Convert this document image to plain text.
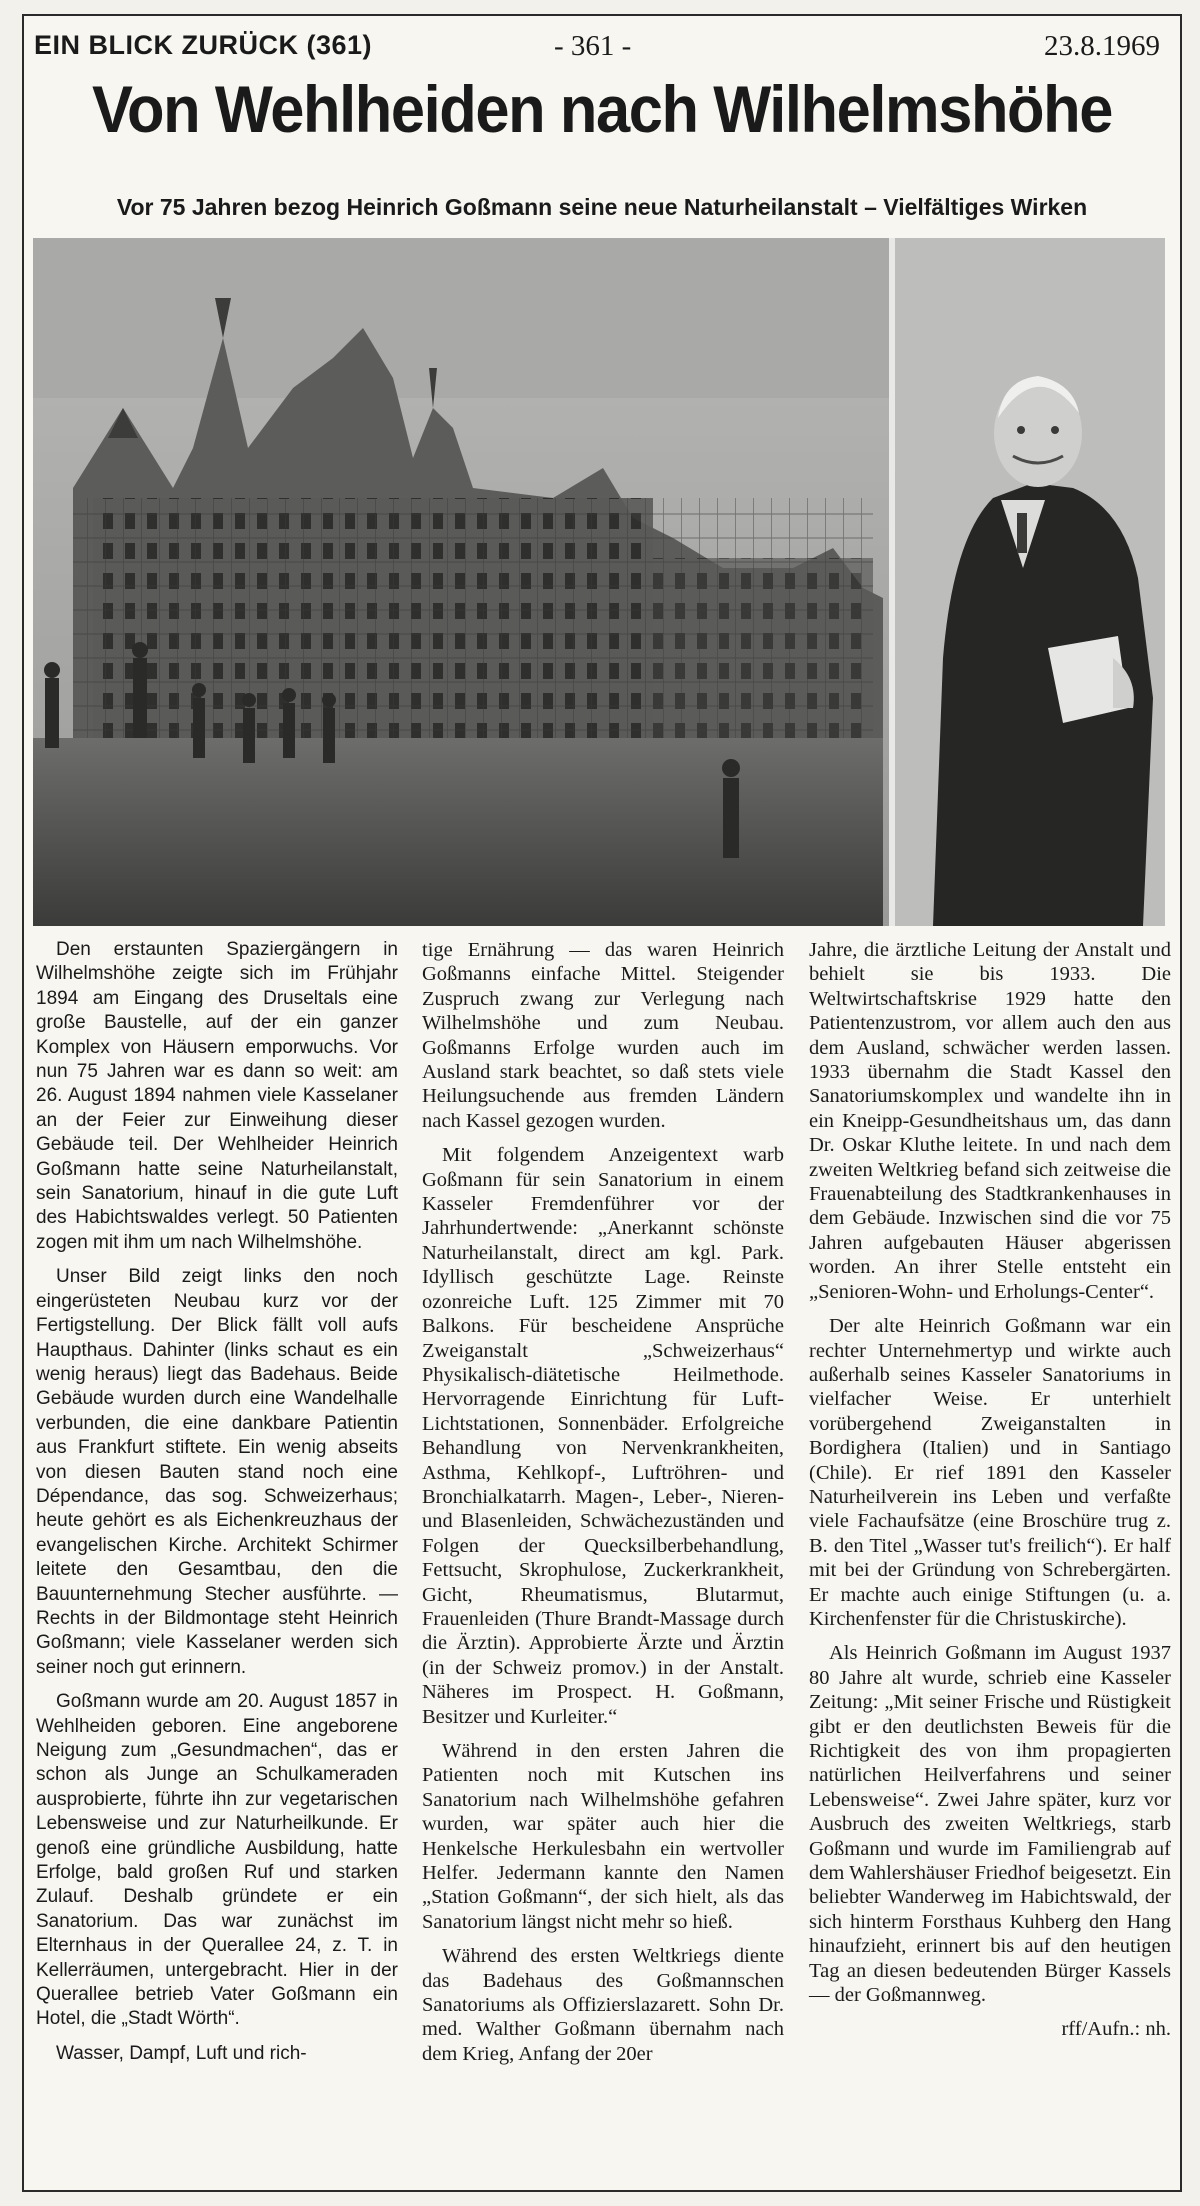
EIN BLICK ZURÜCK (361)	- 361 -	23.8.1969
Von Wehlheiden nach Wilhelmshöhe
Vor 75 Jahren bezog Heinrich Goßmann seine neue Naturheilanstalt – Vielfältiges Wirken

Den erstaunten Spaziergängern in Wilhelmshöhe zeigte sich im Frühjahr 1894 am Eingang des Druseltals eine große Baustelle, auf der ein ganzer Komplex von Häusern emporwuchs. Vor nun 75 Jahren war es dann so weit: am 26. August 1894 nahmen viele Kasselaner an der Feier zur Einweihung dieser Gebäude teil. Der Wehlheider Heinrich Goßmann hatte seine Naturheilanstalt, sein Sanatorium, hinauf in die gute Luft des Habichtswaldes verlegt. 50 Patienten zogen mit ihm um nach Wilhelmshöhe.

Unser Bild zeigt links den noch eingerüsteten Neubau kurz vor der Fertigstellung. Der Blick fällt voll aufs Haupthaus. Dahinter (links schaut es ein wenig heraus) liegt das Badehaus. Beide Gebäude wurden durch eine Wandelhalle verbunden, die eine dankbare Patientin aus Frankfurt stiftete. Ein wenig abseits von diesen Bauten stand noch eine Dépendance, das sog. Schweizerhaus; heute gehört es als Eichenkreuzhaus der evangelischen Kirche. Architekt Schirmer leitete den Gesamtbau, den die Bauunternehmung Stecher ausführte. — Rechts in der Bildmontage steht Heinrich Goßmann; viele Kasselaner werden sich seiner noch gut erinnern.

Goßmann wurde am 20. August 1857 in Wehlheiden geboren. Eine angeborene Neigung zum „Gesundmachen“, das er schon als Junge an Schulkameraden ausprobierte, führte ihn zur vegetarischen Lebensweise und zur Naturheilkunde. Er genoß eine gründliche Ausbildung, hatte Erfolge, bald großen Ruf und starken Zulauf. Deshalb gründete er ein Sanatorium. Das war zunächst im Elternhaus in der Querallee 24, z. T. in Kellerräumen, untergebracht. Hier in der Querallee betrieb Vater Goßmann ein Hotel, die „Stadt Wörth“.

Wasser, Dampf, Luft und rich-

tige Ernährung — das waren Heinrich Goßmanns einfache Mittel. Steigender Zuspruch zwang zur Verlegung nach Wilhelmshöhe und zum Neubau. Goßmanns Erfolge wurden auch im Ausland stark beachtet, so daß stets viele Heilungsuchende aus fremden Ländern nach Kassel gezogen wurden.

Mit folgendem Anzeigentext warb Goßmann für sein Sanatorium in einem Kasseler Fremdenführer vor der Jahrhundertwende: „Anerkannt schönste Naturheilanstalt, direct am kgl. Park. Idyllisch geschützte Lage. Reinste ozonreiche Luft. 125 Zimmer mit 70 Balkons. Für bescheidene Ansprüche Zweiganstalt „Schweizerhaus“ Physikalisch-diätetische Heilmethode. Hervorragende Einrichtung für Luft-Lichtstationen, Sonnenbäder. Erfolgreiche Behandlung von Nervenkrankheiten, Asthma, Kehlkopf-, Luftröhren- und Bronchialkatarrh. Magen-, Leber-, Nieren- und Blasenleiden, Schwächezuständen und Folgen der Quecksilberbehandlung, Fettsucht, Skrophulose, Zuckerkrankheit, Gicht, Rheumatismus, Blutarmut, Frauenleiden (Thure Brandt-Massage durch die Ärztin). Approbierte Ärzte und Ärztin (in der Schweiz promov.) in der Anstalt. Näheres im Prospect. H. Goßmann, Besitzer und Kurleiter.“

Während in den ersten Jahren die Patienten noch mit Kutschen ins Sanatorium nach Wilhelmshöhe gefahren wurden, war später auch hier die Henkelsche Herkulesbahn ein wertvoller Helfer. Jedermann kannte den Namen „Station Goßmann“, der sich hielt, als das Sanatorium längst nicht mehr so hieß.

Während des ersten Weltkriegs diente das Badehaus des Goßmannschen Sanatoriums als Offizierslazarett. Sohn Dr. med. Walther Goßmann übernahm nach dem Krieg, Anfang der 20er

Jahre, die ärztliche Leitung der Anstalt und behielt sie bis 1933. Die Weltwirtschaftskrise 1929 hatte den Patientenzustrom, vor allem auch den aus dem Ausland, schwächer werden lassen. 1933 übernahm die Stadt Kassel den Sanatoriumskomplex und wandelte ihn in ein Kneipp-Gesundheitshaus um, das dann Dr. Oskar Kluthe leitete. In und nach dem zweiten Weltkrieg befand sich zeitweise die Frauenabteilung des Stadtkrankenhauses in dem Gebäude. Inzwischen sind die vor 75 Jahren aufgebauten Häuser abgerissen worden. An ihrer Stelle entsteht ein „Senioren-Wohn- und Erholungs-Center“.

Der alte Heinrich Goßmann war ein rechter Unternehmertyp und wirkte auch außerhalb seines Kasseler Sanatoriums in vielfacher Weise. Er unterhielt vorübergehend Zweiganstalten in Bordighera (Italien) und in Santiago (Chile). Er rief 1891 den Kasseler Naturheilverein ins Leben und verfaßte viele Fachaufsätze (eine Broschüre trug z. B. den Titel „Wasser tut's freilich“). Er half mit bei der Gründung von Schrebergärten. Er machte auch einige Stiftungen (u. a. Kirchenfenster für die Christuskirche).

Als Heinrich Goßmann im August 1937 80 Jahre alt wurde, schrieb eine Kasseler Zeitung: „Mit seiner Frische und Rüstigkeit gibt er den deutlichsten Beweis für die Richtigkeit des von ihm propagierten natürlichen Heilverfahrens und seiner Lebensweise“. Zwei Jahre später, kurz vor Ausbruch des zweiten Weltkriegs, starb Goßmann und wurde im Familiengrab auf dem Wahlershäuser Friedhof beigesetzt. Ein beliebter Wanderweg im Habichtswald, der sich hinterm Forsthaus Kuhberg den Hang hinaufzieht, erinnert bis auf den heutigen Tag an diesen bedeutenden Bürger Kassels — der Goßmannweg.

rff/Aufn.: nh.
